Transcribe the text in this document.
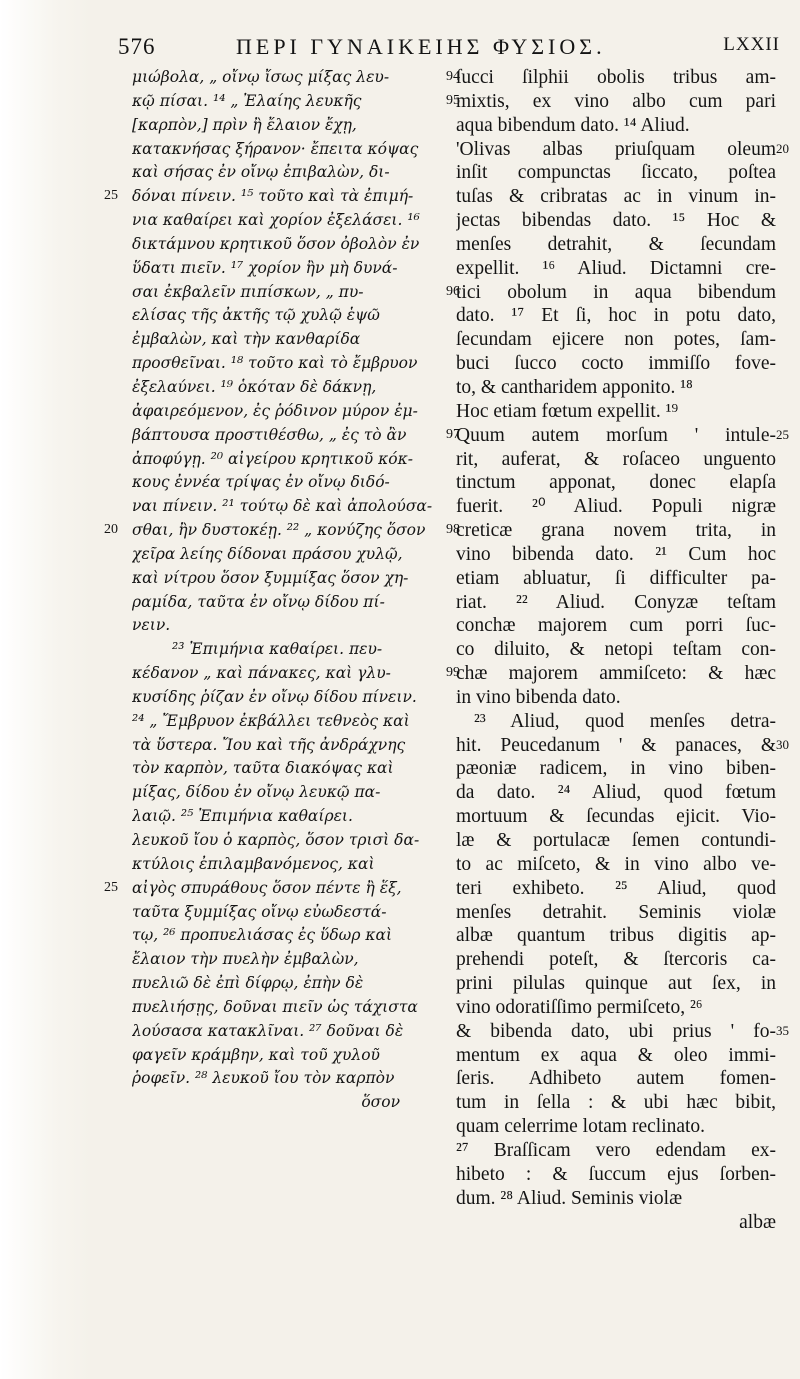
576	ΠΕΡΙ ΓΥΝΑΙΚΕΙΗΣ ΦΥΣΙΟΣ.	LXXII
μιώβολα, „ οἴνῳ ἴσως μίξας λευ-
κῷ πίσαι. ¹⁴ „ Ἐλαίης λευκῆς
[καρπὸν,] πρὶν ἢ ἔλαιον ἔχῃ,
κατακνήσας ξήρανον· ἔπειτα κόψας
καὶ σήσας ἐν οἴνῳ ἐπιβαλὼν, δι-
δόναι πίνειν. ¹⁵ τοῦτο καὶ τὰ ἐπιμή-
νια καθαίρει καὶ χορίον ἐξελάσει. ¹⁶
δικτάμνου κρητικοῦ ὅσον ὀβολὸν ἐν
ὕδατι πιεῖν. ¹⁷ χορίον ἢν μὴ δυνά-
σαι ἐκβαλεῖν πιπίσκων, „ πυ-
ελίσας τῆς ἀκτῆς τῷ χυλῷ ἑψῶ
ἐμβαλὼν, καὶ τὴν κανθαρίδα
προσθεῖναι. ¹⁸ τοῦτο καὶ τὸ ἔμβρυον
ἐξελαύνει. ¹⁹ ὁκόταν δὲ δάκνῃ,
ἀφαιρεόμενον, ἐς ῥόδινον μύρον ἐμ-
βάπτουσα προστιθέσθω, „ ἐς τὸ ἂν
ἀποφύγῃ. ²⁰ αἰγείρου κρητικοῦ κόκ-
κους ἐννέα τρίψας ἐν οἴνῳ διδό-
ναι πίνειν. ²¹ τούτῳ δὲ καὶ ἀπολούσα-
σθαι, ἢν δυστοκέῃ. ²² „ κονύζης ὅσον
χεῖρα λείης δίδοναι πράσου χυλῷ,
καὶ νίτρου ὅσον ξυμμίξας ὅσον χη-
ραμίδα, ταῦτα ἐν οἴνῳ δίδου πί-
νειν.
²³ Ἐπιμήνια καθαίρει. πευ-
κέδανον „ καὶ πάνακες, καὶ γλυ-
κυσίδης ῥίζαν ἐν οἴνῳ δίδου πίνειν.
²⁴ „ Ἔμβρυον ἐκβάλλει τεθνεὸς καὶ
τὰ ὕστερα. Ἴου καὶ τῆς ἀνδράχνης
τὸν καρπὸν, ταῦτα διακόψας καὶ
μίξας, δίδου ἐν οἴνῳ λευκῷ πα-
λαιῷ. ²⁵ Ἐπιμήνια καθαίρει.
λευκοῦ ἴου ὁ καρπὸς, ὅσον τρισὶ δα-
κτύλοις ἐπιλαμβανόμενος, καὶ
αἰγὸς σπυράθους ὅσον πέντε ἢ ἕξ,
ταῦτα ξυμμίξας οἴνῳ εὐωδεστά-
τῳ, ²⁶ προπυελιάσας ἐς ὕδωρ καὶ
ἔλαιον τὴν πυελὴν ἐμβαλὼν,
πυελιῶ δὲ ἐπὶ δίφρῳ, ἐπὴν δὲ
πυελιήσῃς, δοῦναι πιεῖν ὡς τάχιστα
λούσασα κατακλῖναι. ²⁷ δοῦναι δὲ
φαγεῖν κράμβην, καὶ τοῦ χυλοῦ
ῥοφεῖν. ²⁸ λευκοῦ ἴου τὸν καρπὸν
ὅσον
ſucci ſilphii obolis tribus am-
mixtis, ex vino albo cum pari
aqua bibendum dato. ¹⁴ Aliud.
'Olivas albas priuſquam oleum
inſit compunctas ſiccato, poſtea
tuſas & cribratas ac in vinum in-
jectas bibendas dato. ¹⁵ Hoc &
menſes detrahit, & ſecundam
expellit. ¹⁶ Aliud. Dictamni cre-
tici obolum in aqua bibendum
dato. ¹⁷ Et ſi, hoc in potu dato,
ſecundam ejicere non potes, ſam-
buci ſucco cocto immiſſo fove-
to, & cantharidem apponito. ¹⁸
Hoc etiam fœtum expellit. ¹⁹
Quum autem morſum ' intule-
rit, auferat, & roſaceo unguento
tinctum apponat, donec elapſa
fuerit. ²⁰ Aliud. Populi nigræ
creticæ grana novem trita, in
vino bibenda dato. ²¹ Cum hoc
etiam abluatur, ſi difficulter pa-
riat. ²² Aliud. Conyzæ teſtam
conchæ majorem cum porri ſuc-
co diluito, & netopi teſtam con-
chæ majorem ammiſceto: & hæc
in vino bibenda dato.
²³ Aliud, quod menſes detra-
hit. Peucedanum ' & panaces, &
pæoniæ radicem, in vino biben-
da dato. ²⁴ Aliud, quod fœtum
mortuum & ſecundas ejicit. Vio-
læ & portulacæ ſemen contundi-
to ac miſceto, & in vino albo ve-
teri exhibeto. ²⁵ Aliud, quod
menſes detrahit. Seminis violæ
albæ quantum tribus digitis ap-
prehendi poteſt, & ſtercoris ca-
prini pilulas quinque aut ſex, in
vino odoratiſſimo permiſceto, ²⁶
& bibenda dato, ubi prius ' fo-
mentum ex aqua & oleo immi-
ſeris. Adhibeto autem fomen-
tum in ſella : & ubi hæc bibit,
quam celerrime lotam reclinato.
²⁷ Braſſicam vero edendam ex-
hibeto : & ſuccum ejus ſorben-
dum. ²⁸ Aliud. Seminis violæ
albæ
25
20
25
94
95
96
97
98
99
20
25
30
35
